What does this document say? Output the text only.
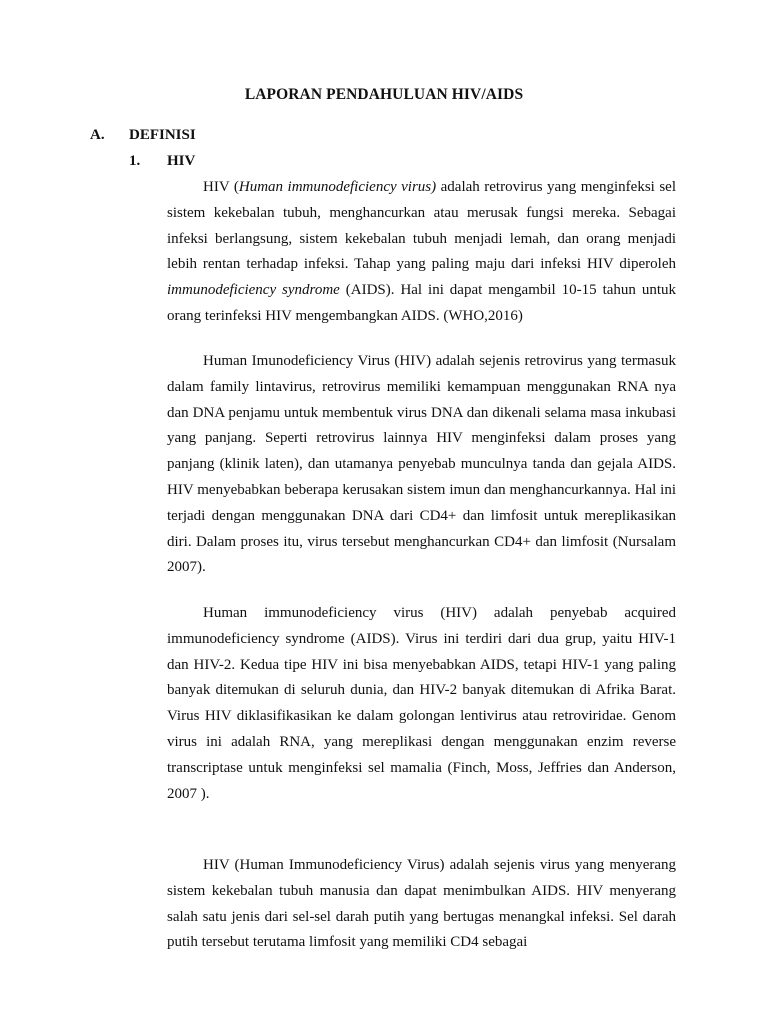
LAPORAN PENDAHULUAN HIV/AIDS
A. DEFINISI
1. HIV

HIV (Human immunodeficiency virus) adalah retrovirus yang menginfeksi sel sistem kekebalan tubuh, menghancurkan atau merusak fungsi mereka. Sebagai infeksi berlangsung, sistem kekebalan tubuh menjadi lemah, dan orang menjadi lebih rentan terhadap infeksi. Tahap yang paling maju dari infeksi HIV diperoleh immunodeficiency syndrome (AIDS). Hal ini dapat mengambil 10-15 tahun untuk orang terinfeksi HIV mengembangkan AIDS. (WHO,2016)

Human Imunodeficiency Virus (HIV) adalah sejenis retrovirus yang termasuk dalam family lintavirus, retrovirus memiliki kemampuan menggunakan RNA nya dan DNA penjamu untuk membentuk virus DNA dan dikenali selama masa inkubasi yang panjang. Seperti retrovirus lainnya HIV menginfeksi dalam proses yang panjang (klinik laten), dan utamanya penyebab munculnya tanda dan gejala AIDS. HIV menyebabkan beberapa kerusakan sistem imun dan menghancurkannya. Hal ini terjadi dengan menggunakan DNA dari CD4+ dan limfosit untuk mereplikasikan diri. Dalam proses itu, virus tersebut menghancurkan CD4+ dan limfosit (Nursalam 2007).

Human immunodeficiency virus (HIV) adalah penyebab acquired immunodeficiency syndrome (AIDS). Virus ini terdiri dari dua grup, yaitu HIV-1 dan HIV-2. Kedua tipe HIV ini bisa menyebabkan AIDS, tetapi HIV-1 yang paling banyak ditemukan di seluruh dunia, dan HIV-2 banyak ditemukan di Afrika Barat. Virus HIV diklasifikasikan ke dalam golongan lentivirus atau retroviridae. Genom virus ini adalah RNA, yang mereplikasi dengan menggunakan enzim reverse transcriptase untuk menginfeksi sel mamalia (Finch, Moss, Jeffries dan Anderson, 2007 ).

HIV (Human Immunodeficiency Virus) adalah sejenis virus yang menyerang sistem kekebalan tubuh manusia dan dapat menimbulkan AIDS. HIV menyerang salah satu jenis dari sel-sel darah putih yang bertugas menangkal infeksi. Sel darah putih tersebut terutama limfosit yang memiliki CD4 sebagai
